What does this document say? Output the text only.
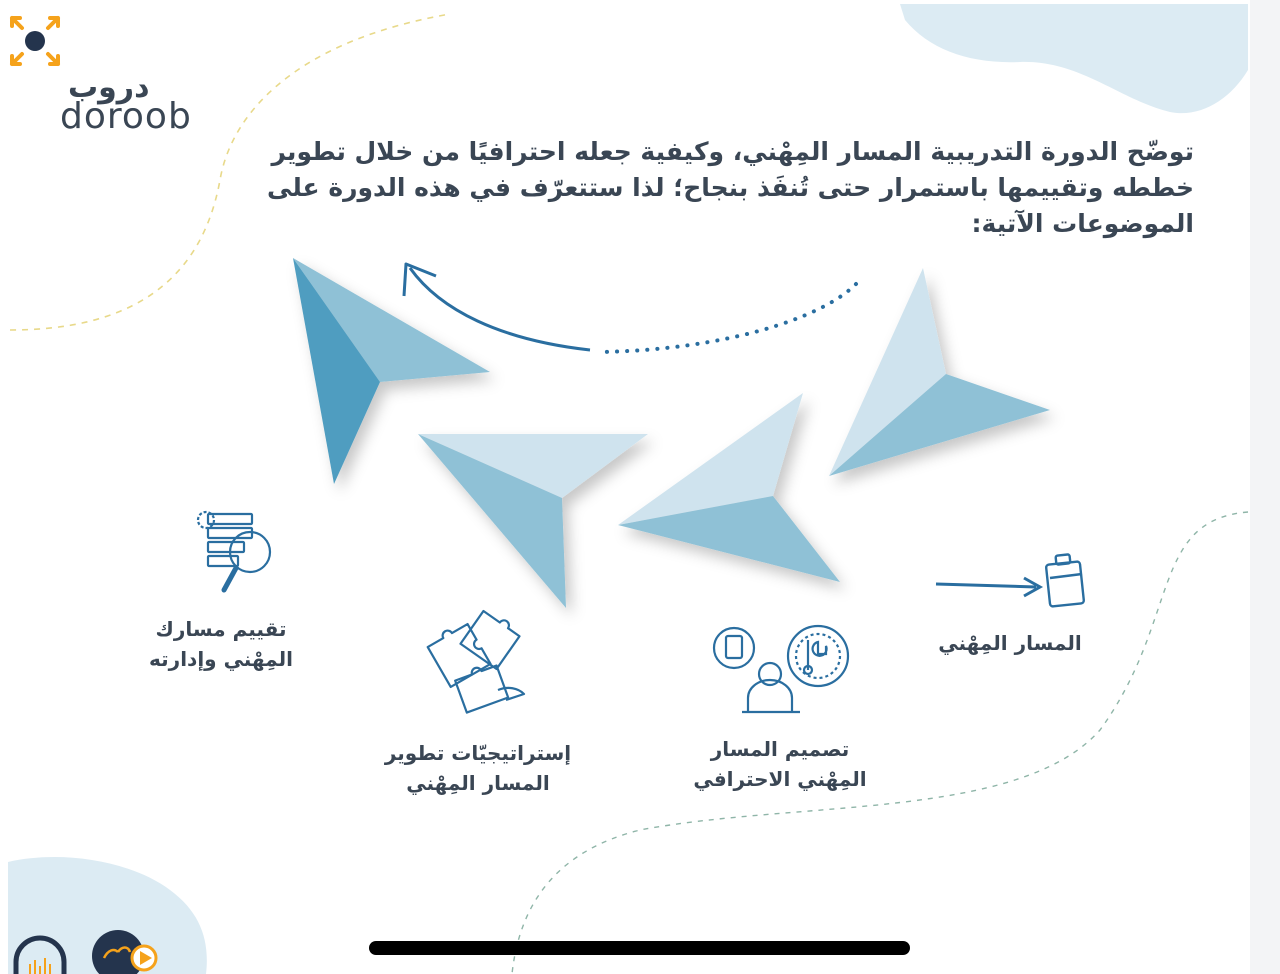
دروب
doroob
توضّح الدورة التدريبية المسار المِهْني، وكيفية جعله احترافيًا من خلال تطوير خططه وتقييمها باستمرار حتى تُنفَذ بنجاح؛ لذا ستتعرّف في هذه الدورة على الموضوعات الآتية:
المسار المِهْني
تصميم المسار المِهْني الاحترافي
إستراتيجيّات تطوير المسار المِهْني
تقييم مسارك المِهْني وإدارته
